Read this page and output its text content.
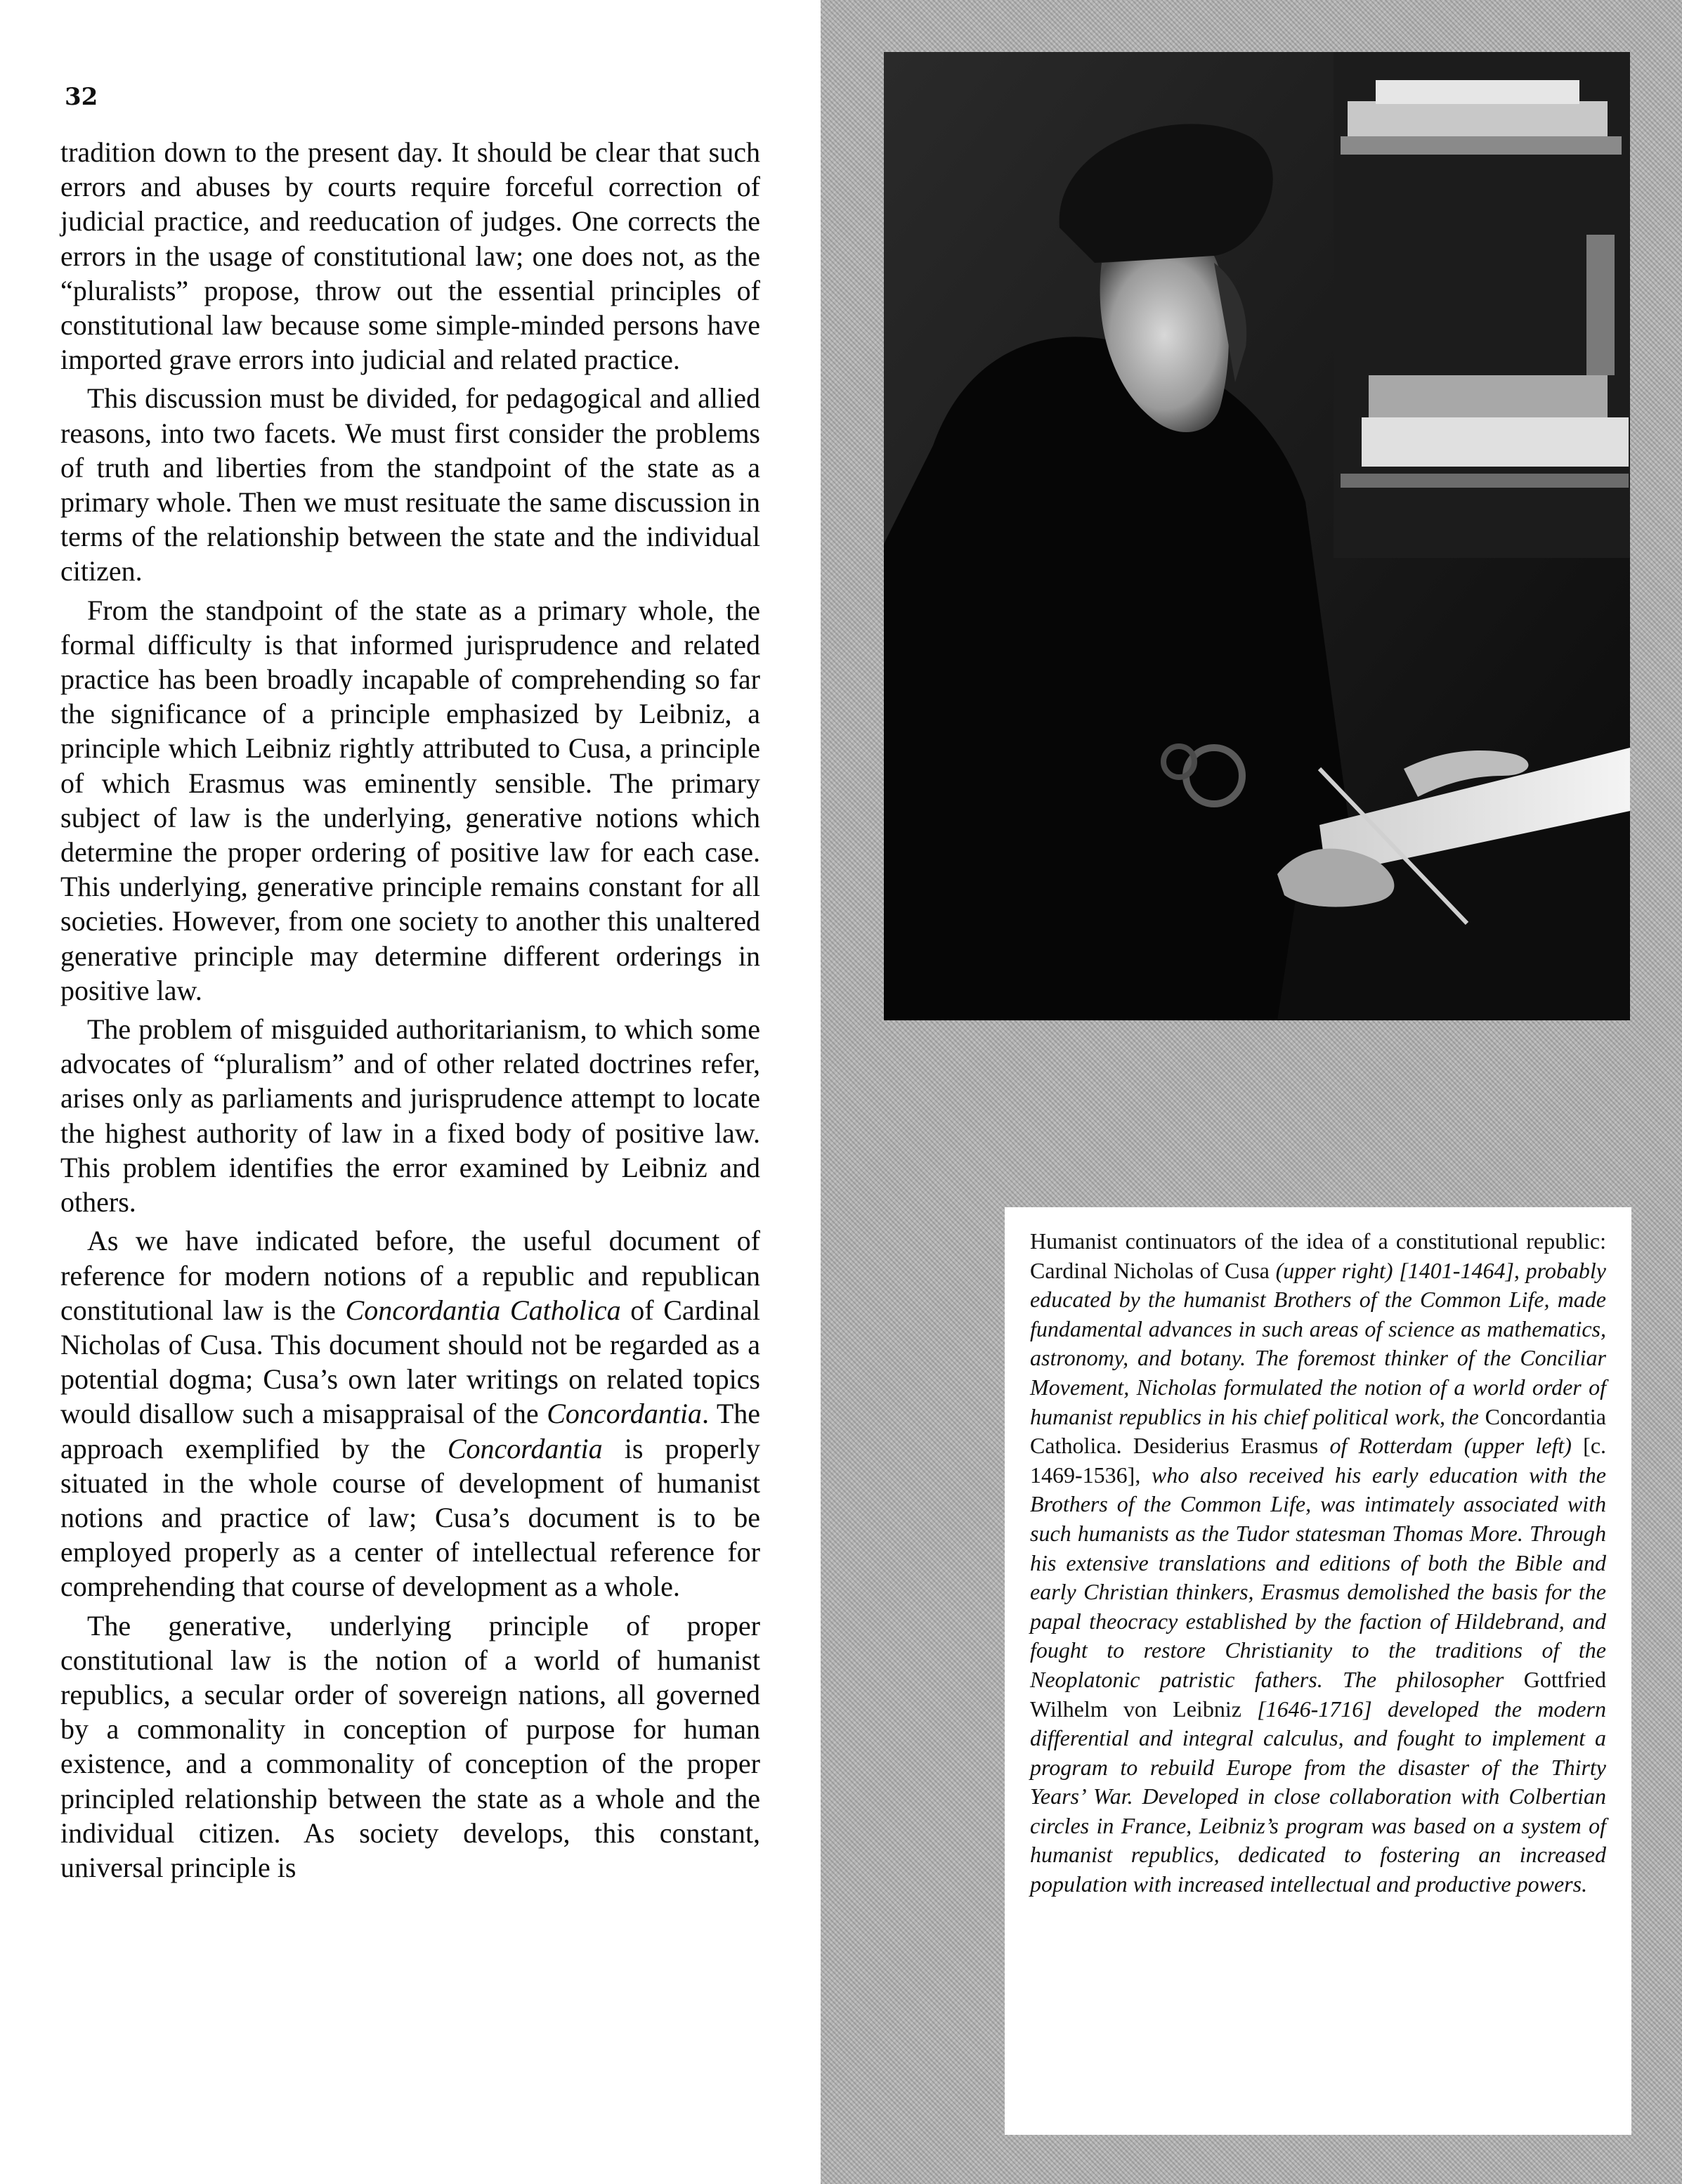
32

tradition down to the present day. It should be clear that such errors and abuses by courts require forceful correction of judicial practice, and reeducation of judges. One corrects the errors in the usage of constitutional law; one does not, as the “pluralists” propose, throw out the essential principles of constitutional law because some simple-minded persons have imported grave errors into judicial and related practice.

This discussion must be divided, for pedagogical and allied reasons, into two facets. We must first consider the problems of truth and liberties from the standpoint of the state as a primary whole. Then we must resituate the same discussion in terms of the relationship between the state and the individual citizen.

From the standpoint of the state as a primary whole, the formal difficulty is that informed jurisprudence and related practice has been broadly incapable of comprehending so far the significance of a principle emphasized by Leibniz, a principle which Leibniz rightly attributed to Cusa, a principle of which Erasmus was eminently sensible. The primary subject of law is the underlying, generative notions which determine the proper ordering of positive law for each case. This underlying, generative principle remains constant for all societies. However, from one society to another this unaltered generative principle may determine different orderings in positive law.

The problem of misguided authoritarianism, to which some advocates of “pluralism” and of other related doctrines refer, arises only as parliaments and jurisprudence attempt to locate the highest authority of law in a fixed body of positive law. This problem identifies the error examined by Leibniz and others.

As we have indicated before, the useful document of reference for modern notions of a republic and republican constitutional law is the Concordantia Catholica of Cardinal Nicholas of Cusa. This document should not be regarded as a potential dogma; Cusa’s own later writings on related topics would disallow such a misappraisal of the Concordantia. The approach exemplified by the Concordantia is properly situated in the whole course of development of humanist notions and practice of law; Cusa’s document is to be employed properly as a center of intellectual reference for comprehending that course of development as a whole.

The generative, underlying principle of proper constitutional law is the notion of a world of humanist republics, a secular order of sovereign nations, all governed by a commonality in conception of purpose for human existence, and a commonality of conception of the proper principled relationship between the state as a whole and the individual citizen. As society develops, this constant, universal principle is

Humanist continuators of the idea of a constitutional republic: Cardinal Nicholas of Cusa (upper right) [1401-1464], probably educated by the humanist Brothers of the Common Life, made fundamental advances in such areas of science as mathematics, astronomy, and botany. The foremost thinker of the Conciliar Movement, Nicholas formulated the notion of a world order of humanist republics in his chief political work, the Concordantia Catholica. Desiderius Erasmus of Rotterdam (upper left) [c. 1469-1536], who also received his early education with the Brothers of the Common Life, was intimately associated with such humanists as the Tudor statesman Thomas More. Through his extensive translations and editions of both the Bible and early Christian thinkers, Erasmus demolished the basis for the papal theocracy established by the faction of Hildebrand, and fought to restore Christianity to the traditions of the Neoplatonic patristic fathers. The philosopher Gottfried Wilhelm von Leibniz [1646-1716] developed the modern differential and integral calculus, and fought to implement a program to rebuild Europe from the disaster of the Thirty Years’ War. Developed in close collaboration with Colbertian circles in France, Leibniz’s program was based on a system of humanist republics, dedicated to fostering an increased population with increased intellectual and productive powers.
